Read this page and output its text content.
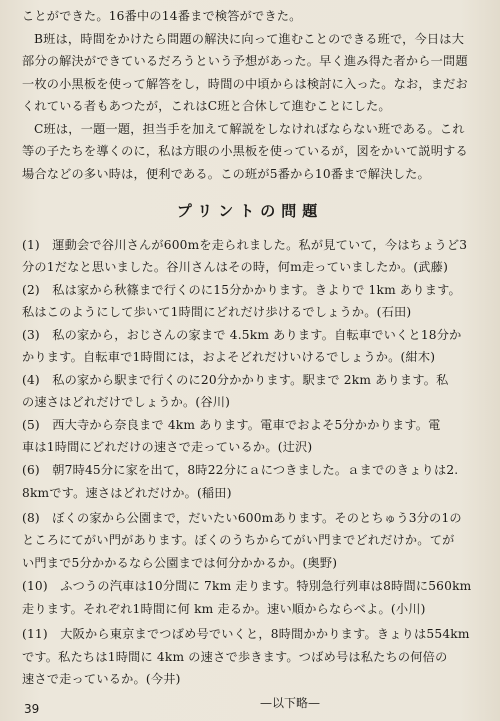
ことができた。16番中の14番まで検答ができた。
B班は，時間をかけたら問題の解決に向って進むことのできる班で，今日は大
部分の解決ができているだろうという予想があった。早く進み得た者から一問題
一枚の小黒板を使って解答をし，時間の中頃からは検討に入った。なお，まだお
くれている者もあつたが，これはC班と合休して進むことにした。
C班は，一題一題，担当手を加えて解説をしなければならない班である。これ
等の子たちを導くのに，私は方眼の小黒板を使っているが，図をかいて説明する
場合などの多い時は，便利である。この班が5番から10番まで解決した。
プリントの問題
(1)　運動会で谷川さんが600mを走られました。私が見ていて，今はちょうど3
分の1だなと思いました。谷川さんはその時，何m走っていましたか。(武藤)
(2)　私は家から秋篠まで行くのに15分かかります。きよりで 1km あります。
私はこのようにして歩いて1時間にどれだけ歩けるでしょうか。(石田)
(3)　私の家から，おじさんの家まで 4.5km あります。自転車でいくと18分か
かります。自転車で1時間には，およそどれだけいけるでしょうか。(紺木)
(4)　私の家から駅まで行くのに20分かかります。駅まで 2km あります。私
の速さはどれだけでしょうか。(谷川)
(5)　西大寺から奈良まで 4km あります。電車でおよそ5分かかります。電
車は1時間にどれだけの速さで走っているか。(辻沢)
(6)　朝7時45分に家を出て，8時22分にａにつきました。ａまでのきょりは2.
8kmです。速さはどれだけか。(稲田)
(8)　ぼくの家から公園まで，だいたい600mあります。そのとちゅう3分の1の
ところにてがい門があります。ぼくのうちからてがい門までどれだけか。てが
い門まで5分かかるなら公園までは何分かかるか。(奥野)
(10)　ふつうの汽車は10分間に 7km 走ります。特別急行列車は8時間に560km
走ります。それぞれ1時間に何 km 走るか。速い順からならべよ。(小川)
(11)　大阪から東京までつばめ号でいくと，8時間かかります。きょりは554km
です。私たちは1時間に 4km の速さで歩きます。つばめ号は私たちの何倍の
速さで走っているか。(今井)
—以下略—
39
